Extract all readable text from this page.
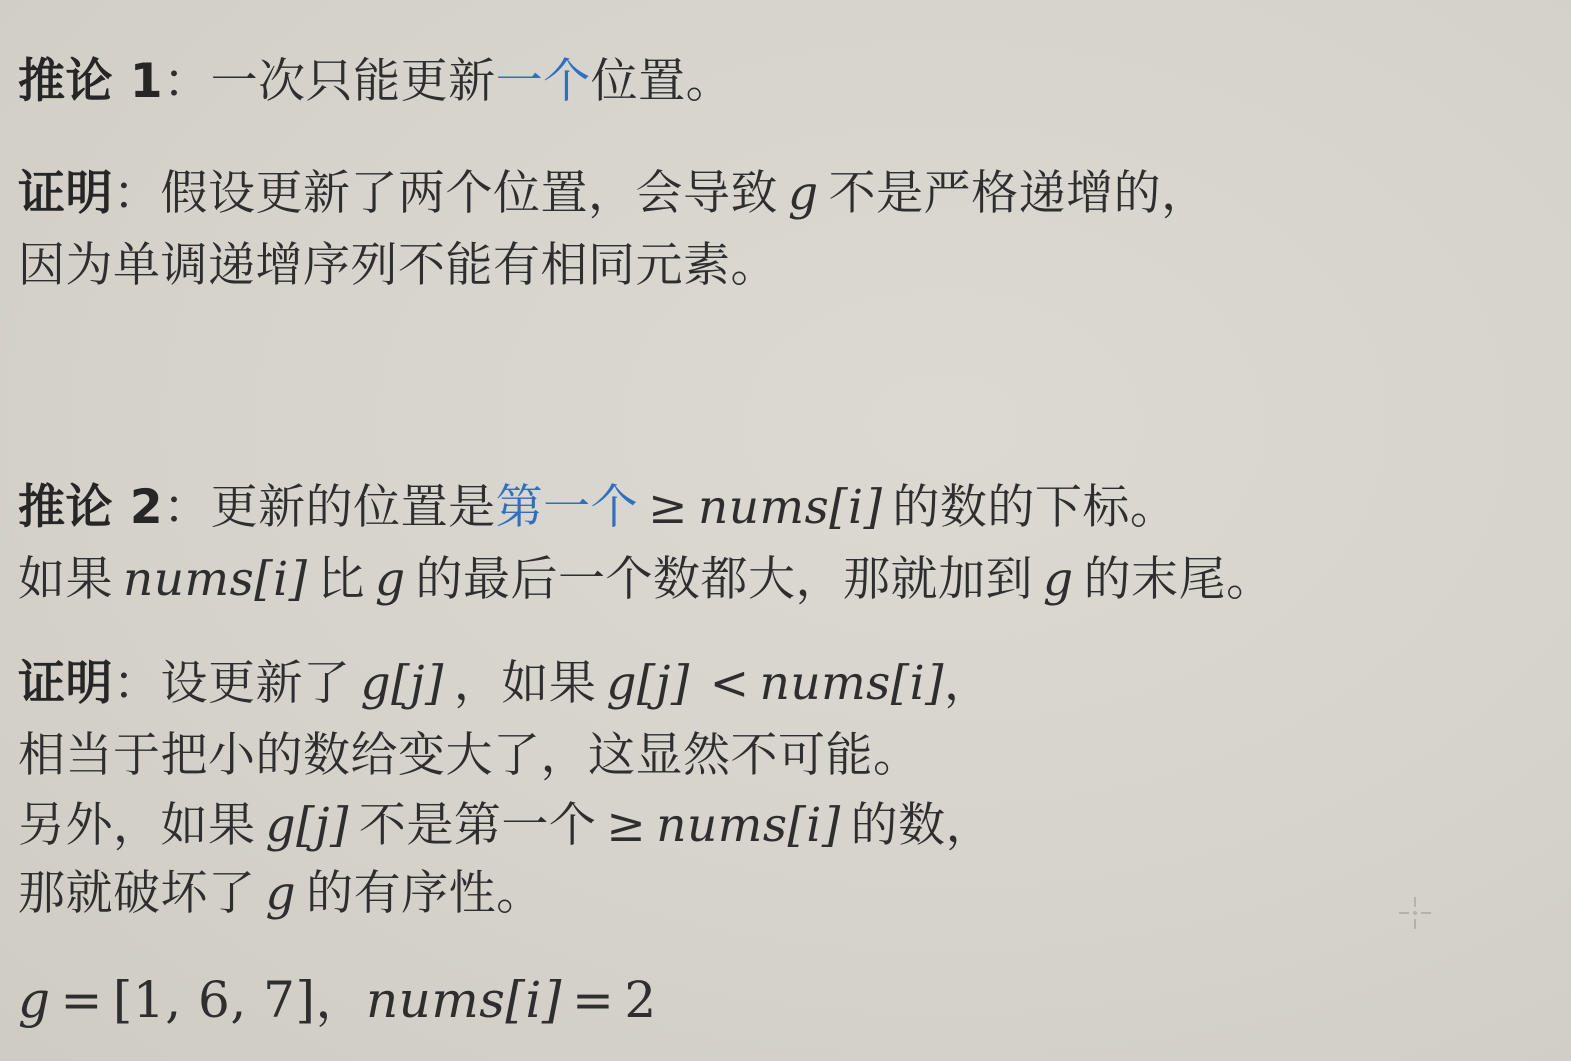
推论 1：一次只能更新一个位置。
证明：假设更新了两个位置，会导致 g 不是严格递增的，
因为单调递增序列不能有相同元素。
推论 2：更新的位置是第一个 ≥ nums[i] 的数的下标。
如果 nums[i] 比 g 的最后一个数都大，那就加到 g 的末尾。
证明：设更新了 g[j] ，如果 g[j] < nums[i]，
相当于把小的数给变大了，这显然不可能。
另外，如果 g[j] 不是第一个 ≥ nums[i] 的数，
那就破坏了 g 的有序性。
g = [1, 6, 7]，nums[i] = 2
